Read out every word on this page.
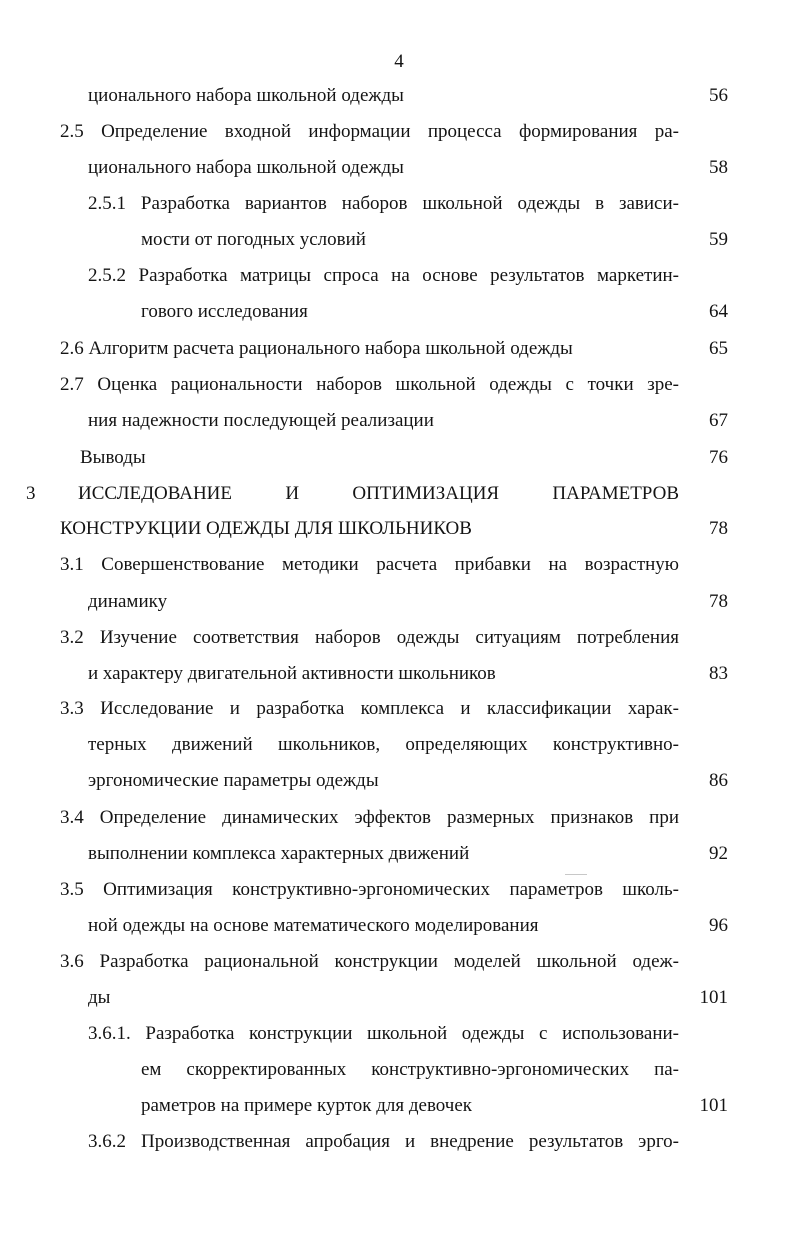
4
ционального набора школьной одежды	56
2.5 Определение входной информации процесса формирования ра-
ционального набора школьной одежды	58
2.5.1 Разработка вариантов наборов школьной одежды в зависи-
мости от погодных условий	59
2.5.2 Разработка матрицы спроса на основе результатов маркетин-
гового исследования	64
2.6 Алгоритм расчета рационального набора школьной одежды	65
2.7 Оценка рациональности наборов школьной одежды с точки зре-
ния надежности последующей реализации	67
Выводы	76
3 ИССЛЕДОВАНИЕ И ОПТИМИЗАЦИЯ ПАРАМЕТРОВ
КОНСТРУКЦИИ ОДЕЖДЫ ДЛЯ ШКОЛЬНИКОВ	78
3.1 Совершенствование методики расчета прибавки на возрастную
динамику	78
3.2 Изучение соответствия наборов одежды ситуациям потребления
и характеру двигательной активности школьников	83
3.3 Исследование и разработка комплекса и классификации харак-
терных движений школьников, определяющих конструктивно-
эргономические параметры одежды	86
3.4 Определение динамических эффектов размерных признаков при
выполнении комплекса характерных движений	92
3.5 Оптимизация конструктивно-эргономических параметров школь-
ной одежды на основе математического моделирования	96
3.6 Разработка рациональной конструкции моделей школьной одеж-
ды	101
3.6.1. Разработка конструкции школьной одежды с использовани-
ем скорректированных конструктивно-эргономических па-
раметров на примере курток для девочек	101
3.6.2 Производственная апробация и внедрение результатов эрго-
